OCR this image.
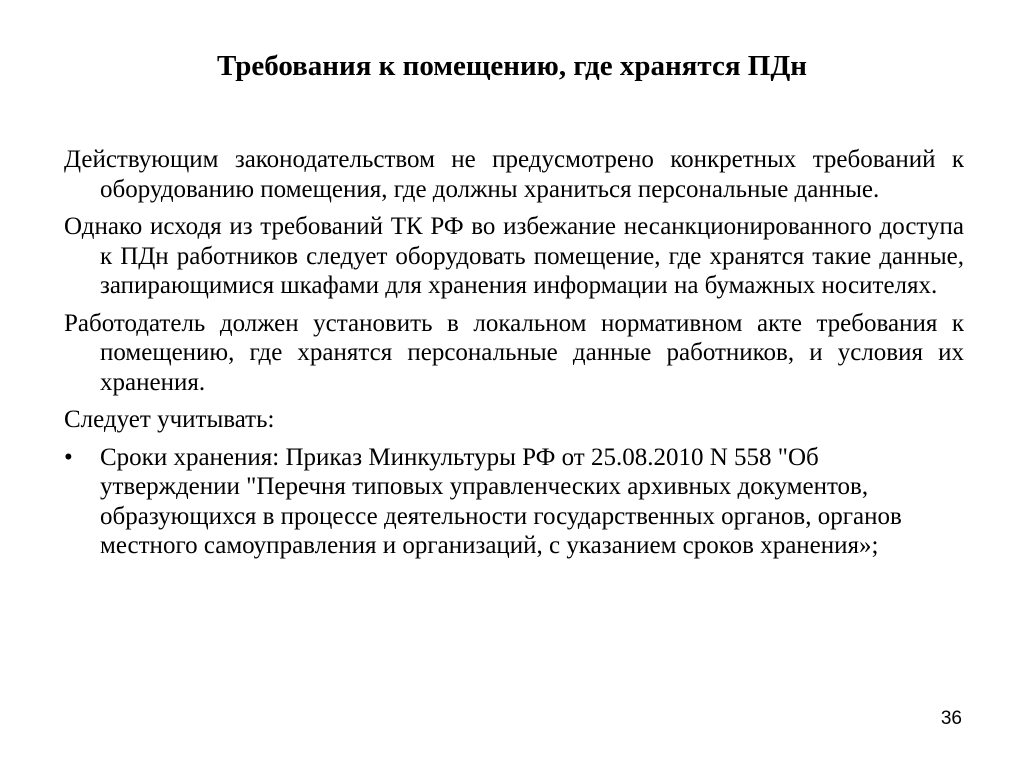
Требования к помещению, где хранятся ПДн

Действующим законодательством не предусмотрено конкретных требований к оборудованию помещения, где должны храниться персональные данные.

Однако исходя из требований ТК РФ во избежание несанкционированного доступа к ПДн работников следует оборудовать помещение, где хранятся такие данные, запирающимися шкафами для хранения информации на бумажных носителях.

Работодатель должен установить в локальном нормативном акте требования к помещению, где хранятся персональные данные работников, и условия их хранения.

Следует учитывать:

• Сроки хранения: Приказ Минкультуры РФ от 25.08.2010 N 558 "Об утверждении "Перечня типовых управленческих архивных документов, образующихся в процессе деятельности государственных органов, органов местного самоуправления и организаций, с указанием сроков хранения»;
36
